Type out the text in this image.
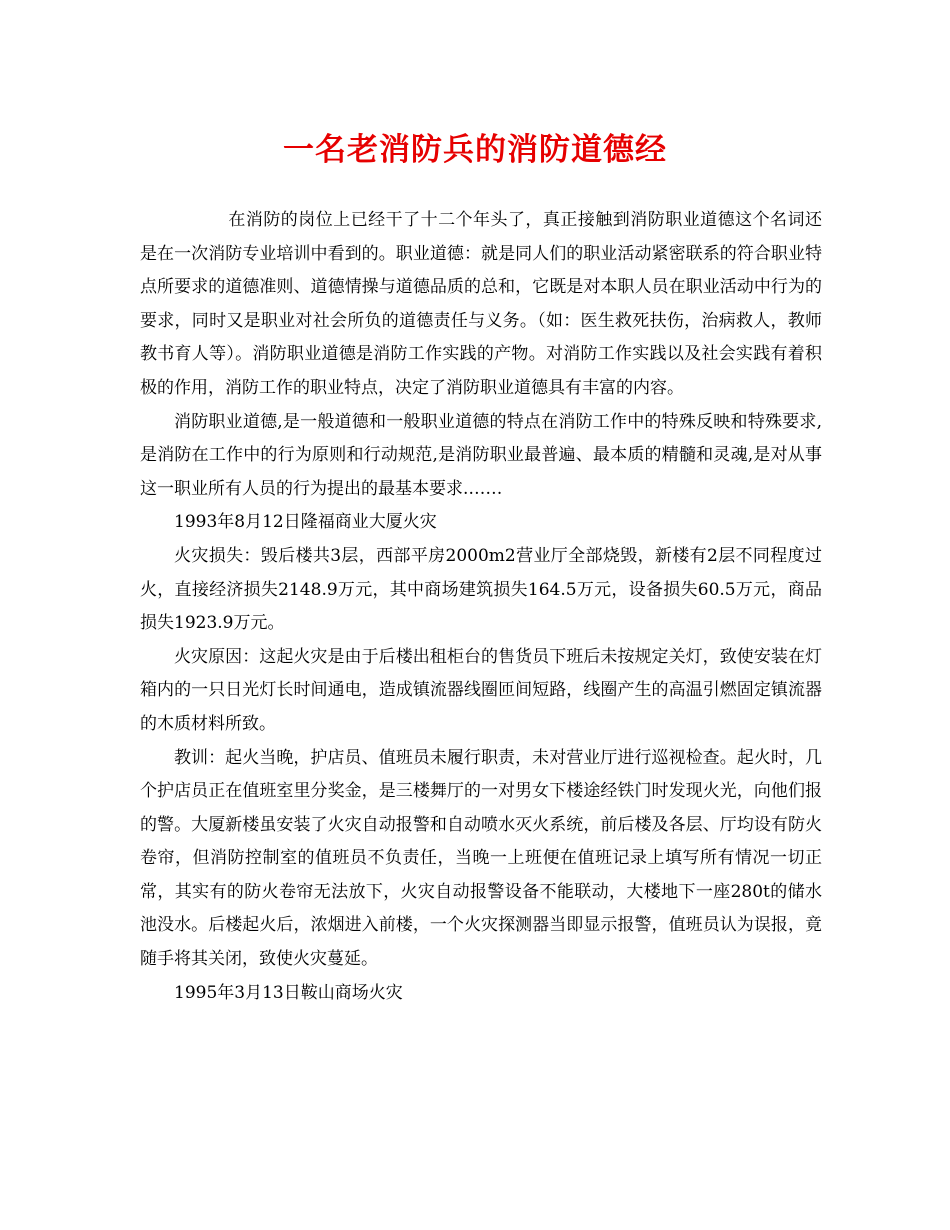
一名老消防兵的消防道德经

在消防的岗位上已经干了十二个年头了，真正接触到消防职业道德这个名词还是在一次消防专业培训中看到的。职业道德：就是同人们的职业活动紧密联系的符合职业特点所要求的道德准则、道德情操与道德品质的总和，它既是对本职人员在职业活动中行为的要求，同时又是职业对社会所负的道德责任与义务。（如：医生救死扶伤，治病救人，教师教书育人等）。消防职业道德是消防工作实践的产物。对消防工作实践以及社会实践有着积极的作用，消防工作的职业特点，决定了消防职业道德具有丰富的内容。

消防职业道德,是一般道德和一般职业道德的特点在消防工作中的特殊反映和特殊要求,是消防在工作中的行为原则和行动规范,是消防职业最普遍、最本质的精髓和灵魂,是对从事这一职业所有人员的行为提出的最基本要求.……

1993年8月12日隆福商业大厦火灾

火灾损失：毁后楼共3层，西部平房2000m2营业厅全部烧毁，新楼有2层不同程度过火，直接经济损失2148.9万元，其中商场建筑损失164.5万元，设备损失60.5万元，商品损失1923.9万元。

火灾原因：这起火灾是由于后楼出租柜台的售货员下班后未按规定关灯，致使安装在灯箱内的一只日光灯长时间通电，造成镇流器线圈匝间短路，线圈产生的高温引燃固定镇流器的木质材料所致。

教训：起火当晚，护店员、值班员未履行职责，未对营业厅进行巡视检查。起火时，几个护店员正在值班室里分奖金，是三楼舞厅的一对男女下楼途经铁门时发现火光，向他们报的警。大厦新楼虽安装了火灾自动报警和自动喷水灭火系统，前后楼及各层、厅均设有防火卷帘，但消防控制室的值班员不负责任，当晚一上班便在值班记录上填写所有情况一切正常，其实有的防火卷帘无法放下，火灾自动报警设备不能联动，大楼地下一座280t的储水池没水。后楼起火后，浓烟进入前楼，一个火灾探测器当即显示报警，值班员认为误报，竟随手将其关闭，致使火灾蔓延。

1995年3月13日鞍山商场火灾
